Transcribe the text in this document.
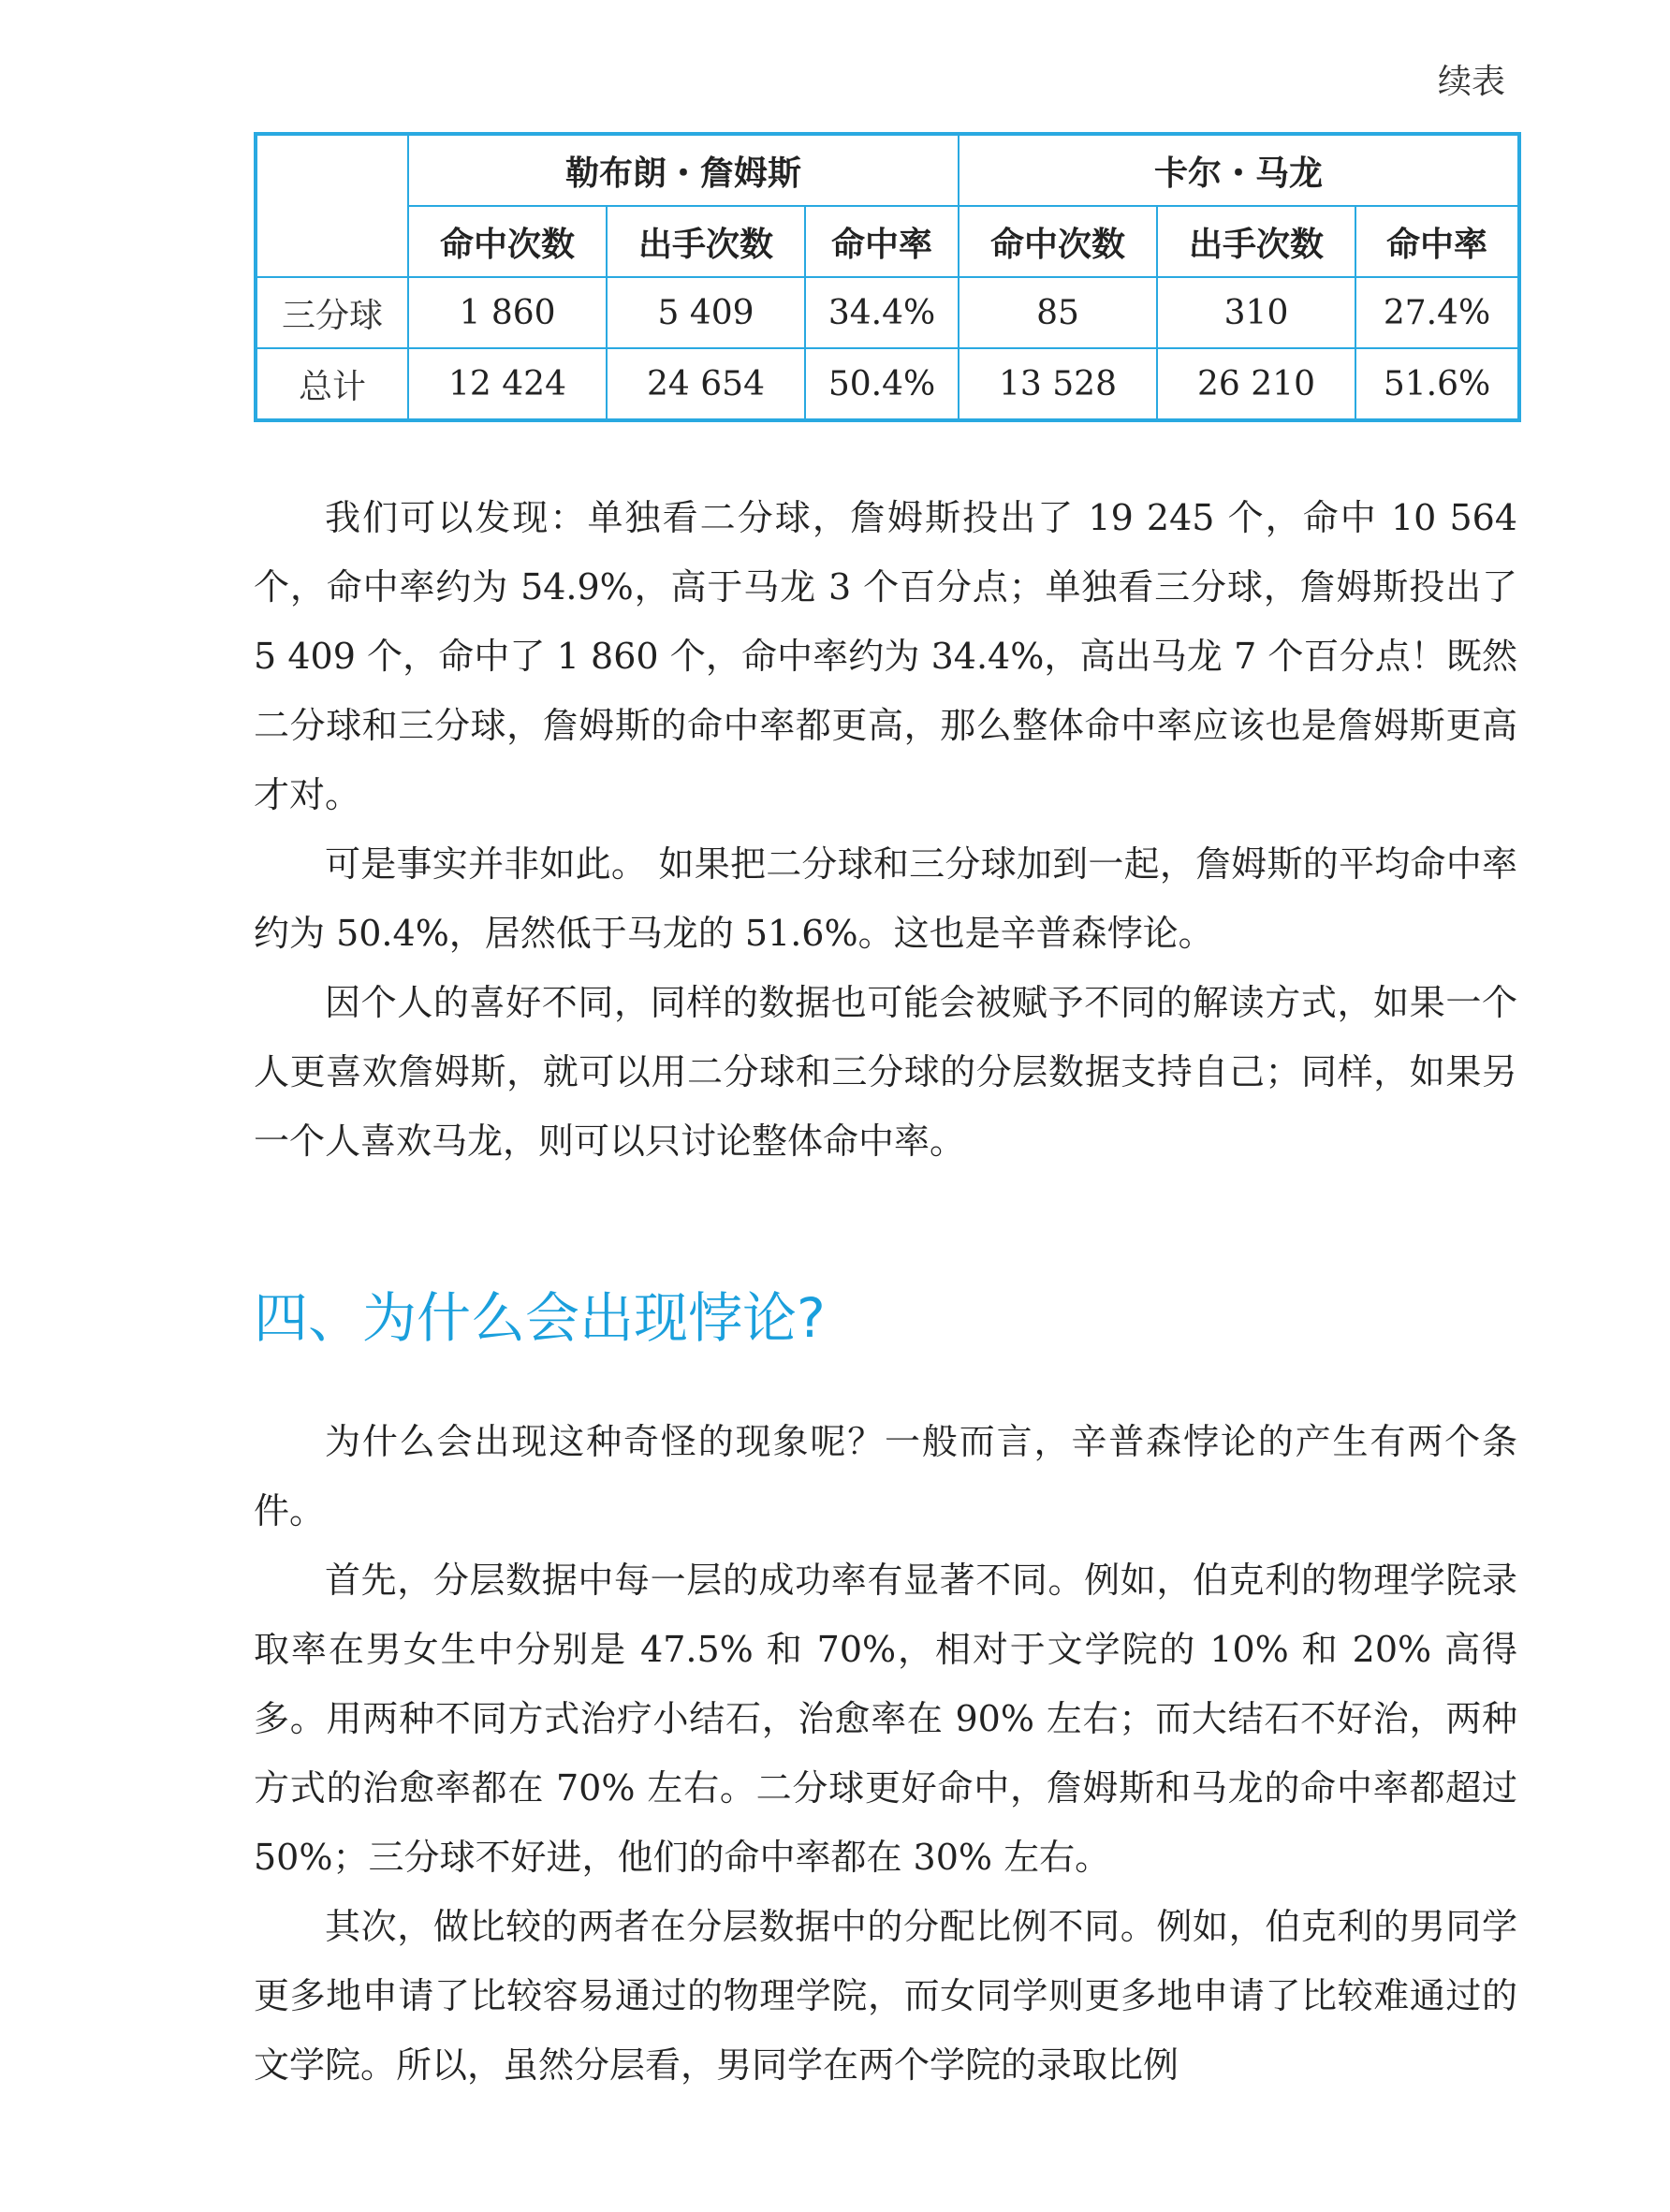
续表
	勒布朗・詹姆斯			卡尔・马龙		
	命中次数	出手次数	命中率	命中次数	出手次数	命中率
三分球	1 860	5 409	34.4%	85	310	27.4%
总计	12 424	24 654	50.4%	13 528	26 210	51.6%

我们可以发现：单独看二分球，詹姆斯投出了 19 245 个，命中 10 564 个，命中率约为 54.9%，高于马龙 3 个百分点；单独看三分球，詹姆斯投出了 5 409 个，命中了 1 860 个，命中率约为 34.4%，高出马龙 7 个百分点！既然二分球和三分球，詹姆斯的命中率都更高，那么整体命中率应该也是詹姆斯更高才对。

可是事实并非如此。 如果把二分球和三分球加到一起，詹姆斯的平均命中率约为 50.4%，居然低于马龙的 51.6%。这也是辛普森悖论。

因个人的喜好不同，同样的数据也可能会被赋予不同的解读方式，如果一个人更喜欢詹姆斯，就可以用二分球和三分球的分层数据支持自己；同样，如果另一个人喜欢马龙，则可以只讨论整体命中率。

四、为什么会出现悖论?

为什么会出现这种奇怪的现象呢？一般而言，辛普森悖论的产生有两个条件。

首先，分层数据中每一层的成功率有显著不同。例如，伯克利的物理学院录取率在男女生中分别是 47.5% 和 70%，相对于文学院的 10% 和 20% 高得多。用两种不同方式治疗小结石，治愈率在 90% 左右；而大结石不好治，两种方式的治愈率都在 70% 左右。二分球更好命中，詹姆斯和马龙的命中率都超过 50%；三分球不好进，他们的命中率都在 30% 左右。

其次，做比较的两者在分层数据中的分配比例不同。例如，伯克利的男同学更多地申请了比较容易通过的物理学院，而女同学则更多地申请了比较难通过的文学院。所以，虽然分层看，男同学在两个学院的录取比例
